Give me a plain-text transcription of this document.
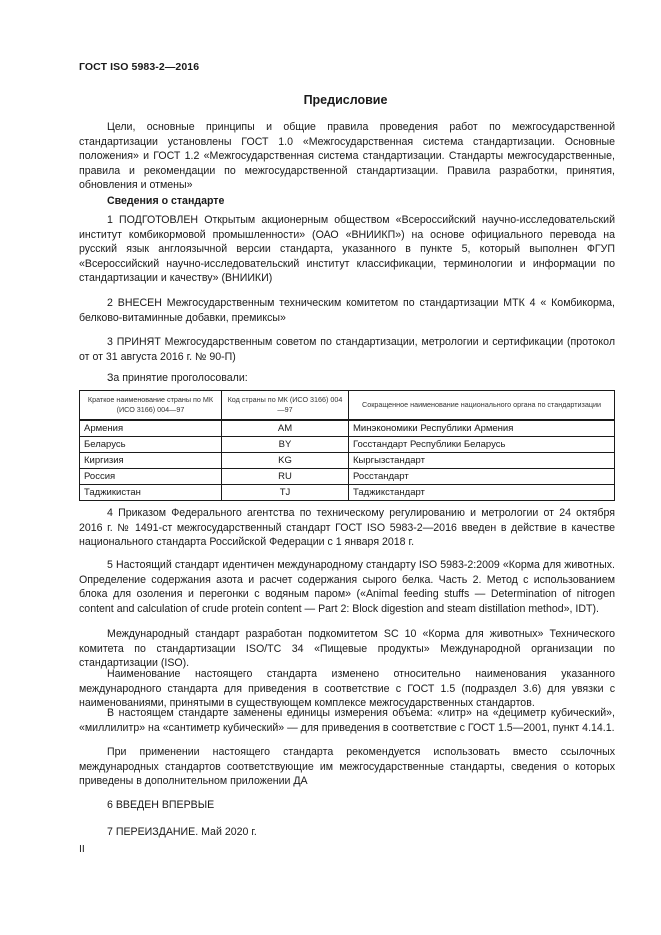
ГОСТ ISO 5983-2—2016
Предисловие
Цели, основные принципы и общие правила проведения работ по межгосударственной стандартизации установлены ГОСТ 1.0 «Межгосударственная система стандартизации. Основные положения» и ГОСТ 1.2 «Межгосударственная система стандартизации. Стандарты межгосударственные, правила и рекомендации по межгосударственной стандартизации. Правила разработки, принятия, обновления и отмены»
Сведения о стандарте
1 ПОДГОТОВЛЕН Открытым акционерным обществом «Всероссийский научно-исследовательский институт комбикормовой промышленности» (ОАО «ВНИИКП») на основе официального перевода на русский язык англоязычной версии стандарта, указанного в пункте 5, который выполнен ФГУП «Всероссийский научно-исследовательский институт классификации, терминологии и информации по стандартизации и качеству» (ВНИИКИ)
2 ВНЕСЕН Межгосударственным техническим комитетом по стандартизации МТК 4 « Комбикорма, белково-витаминные добавки, премиксы»
3 ПРИНЯТ Межгосударственным советом по стандартизации, метрологии и сертификации (протокол от от 31 августа 2016 г. № 90-П)
За принятие проголосовали:
Краткое наименование страны по МК (ИСО 3166) 004—97	Код страны по МК (ИСО 3166) 004—97	Сокращенное наименование национального органа по стандартизации
Армения	AM	Минэкономики Республики Армения
Беларусь	BY	Госстандарт Республики Беларусь
Киргизия	KG	Кыргызстандарт
Россия	RU	Росстандарт
Таджикистан	TJ	Таджикстандарт
4 Приказом Федерального агентства по техническому регулированию и метрологии от 24 октября 2016 г. № 1491-ст межгосударственный стандарт ГОСТ ISO 5983-2—2016 введен в действие в качестве национального стандарта Российской Федерации с 1 января 2018 г.
5 Настоящий стандарт идентичен международному стандарту ISO 5983-2:2009 «Корма для животных. Определение содержания азота и расчет содержания сырого белка. Часть 2. Метод с использованием блока для озоления и перегонки с водяным паром» («Animal feeding stuffs — Determination of nitrogen content and calculation of crude protein content — Part 2: Block digestion and steam distillation method», IDT).
Международный стандарт разработан подкомитетом SC 10 «Корма для животных» Технического комитета по стандартизации ISO/TC 34 «Пищевые продукты» Международной организации по стандартизации (ISO).
Наименование настоящего стандарта изменено относительно наименования указанного международного стандарта для приведения в соответствие с ГОСТ 1.5 (подраздел 3.6) для увязки с наименованиями, принятыми в существующем комплексе межгосударственных стандартов.
В настоящем стандарте заменены единицы измерения объема: «литр» на «дециметр кубический», «миллилитр» на «сантиметр кубический» — для приведения в соответствие с ГОСТ 1.5—2001, пункт 4.14.1.
При применении настоящего стандарта рекомендуется использовать вместо ссылочных международных стандартов соответствующие им межгосударственные стандарты, сведения о которых приведены в дополнительном приложении ДА
6 ВВЕДЕН ВПЕРВЫЕ
7 ПЕРЕИЗДАНИЕ. Май 2020 г.
II
